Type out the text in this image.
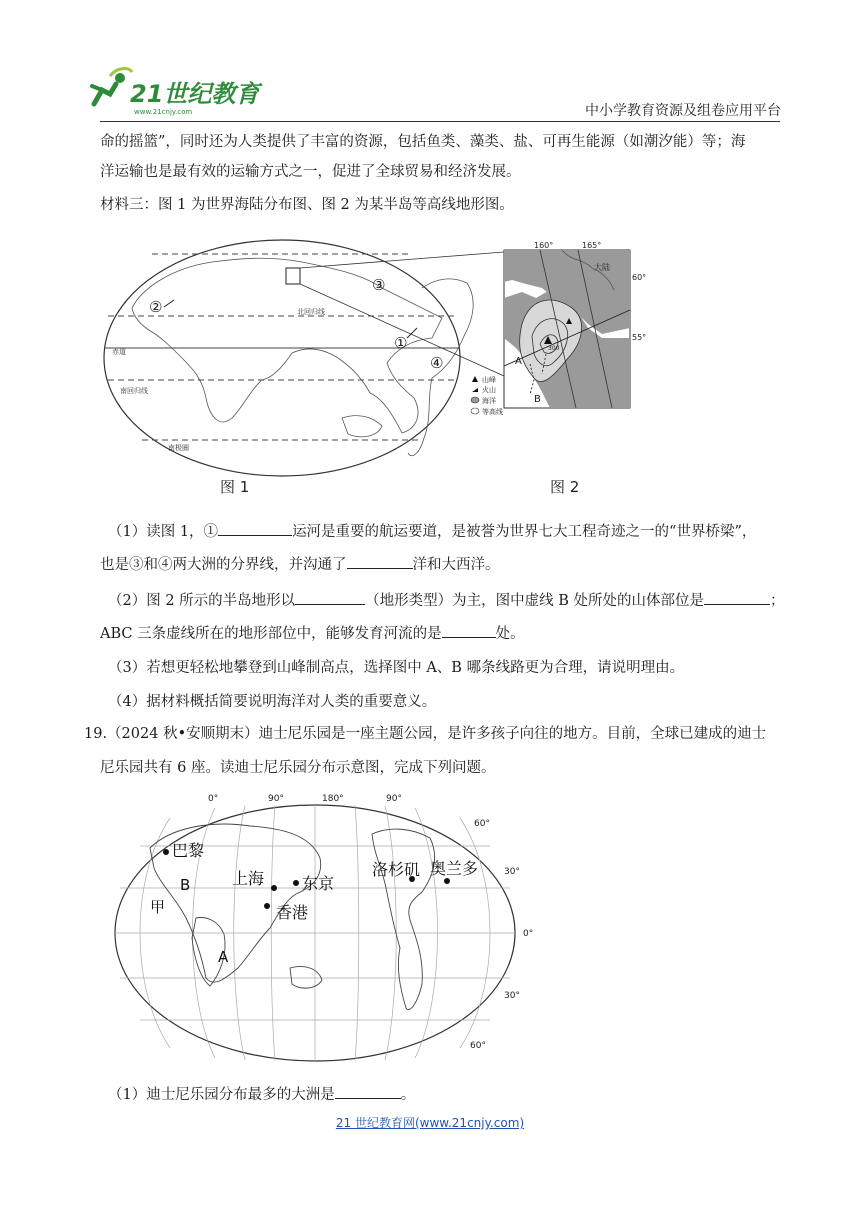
21世纪教育
www.21cnjy.com	中小学教育资源及组卷应用平台
命的摇篮”，同时还为人类提供了丰富的资源，包括鱼类、藻类、盐、可再生能源（如潮汐能）等；海
洋运输也是最有效的运输方式之一，促进了全球贸易和经济发展。
材料三：图 1 为世界海陆分布图、图 2 为某半岛等高线地形图。
北回归线
赤道
南回归线
南极圈
②
③
①
④
160°	165°
大陆
60°
55°
A
B
300
山峰
火山
海洋
等高线
图 1	图 2
（1）读图 1，①	运河是重要的航运要道，是被誉为世界七大工程奇迹之一的“世界桥梁”，
也是③和④两大洲的分界线，并沟通了	洋和大西洋。
（2）图 2 所示的半岛地形以	（地形类型）为主，图中虚线 B 处所处的山体部位是	；
ABC 三条虚线所在的地形部位中，能够发育河流的是	处。
（3）若想更轻松地攀登到山峰制高点，选择图中 A、B 哪条线路更为合理，请说明理由。
（4）据材料概括简要说明海洋对人类的重要意义。
19.（2024 秋•安顺期末）迪士尼乐园是一座主题公园，是许多孩子向往的地方。目前，全球已建成的迪士
尼乐园共有 6 座。读迪士尼乐园分布示意图，完成下列问题。
0°	90°	180°	90°
60°
30°
0°
30°
60°
巴黎
上海 东京
香港
洛杉矶 奥兰多
A
B
甲
（1）迪士尼乐园分布最多的大洲是	。
21 世纪教育网(www.21cnjy.com)
